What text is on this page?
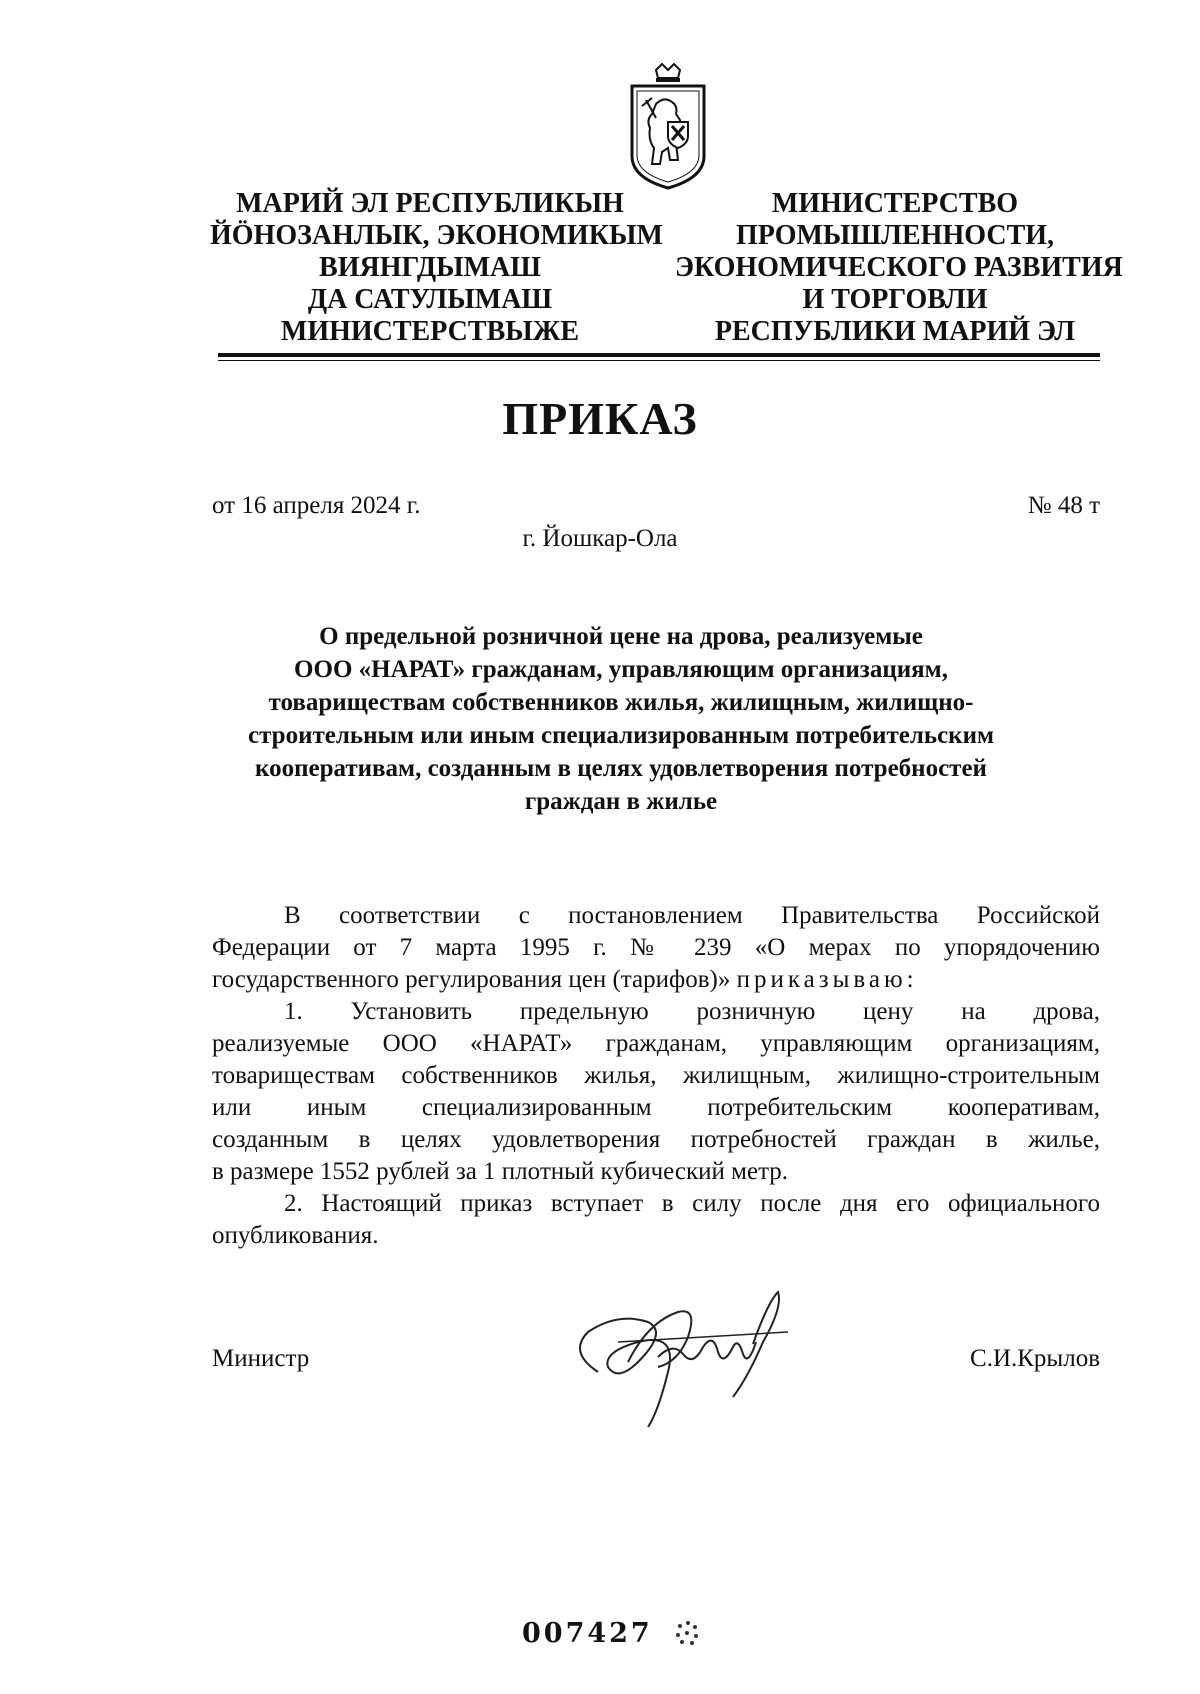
МАРИЙ ЭЛ РЕСПУБЛИКЫН
ЙӦНОЗАНЛЫК, ЭКОНОМИКЫМ
ВИЯНГДЫМАШ
ДА САТУЛЫМАШ
МИНИСТЕРСТВЫЖЕ
МИНИСТЕРСТВО
ПРОМЫШЛЕННОСТИ,
ЭКОНОМИЧЕСКОГО РАЗВИТИЯ
И ТОРГОВЛИ
РЕСПУБЛИКИ МАРИЙ ЭЛ
ПРИКАЗ
от 16 апреля 2024 г.	№ 48 т
г. Йошкар-Ола
О предельной розничной цене на дрова, реализуемые
ООО «НАРАТ» гражданам, управляющим организациям,
товариществам собственников жилья, жилищным, жилищно-
строительным или иным специализированным потребительским
кооперативам, созданным в целях удовлетворения потребностей
граждан в жилье
В соответствии с постановлением Правительства Российской
Федерации от 7 марта 1995 г. № 239 «О мерах по упорядочению
государственного регулирования цен (тарифов)» приказываю:
1. Установить предельную розничную цену на дрова,
реализуемые ООО «НАРАТ» гражданам, управляющим организациям,
товариществам собственников жилья, жилищным, жилищно-строительным
или иным специализированным потребительским кооперативам,
созданным в целях удовлетворения потребностей граждан в жилье,
в размере 1552 рублей за 1 плотный кубический метр.
2. Настоящий приказ вступает в силу после дня его официального
опубликования.
Министр	С.И.Крылов
007427
